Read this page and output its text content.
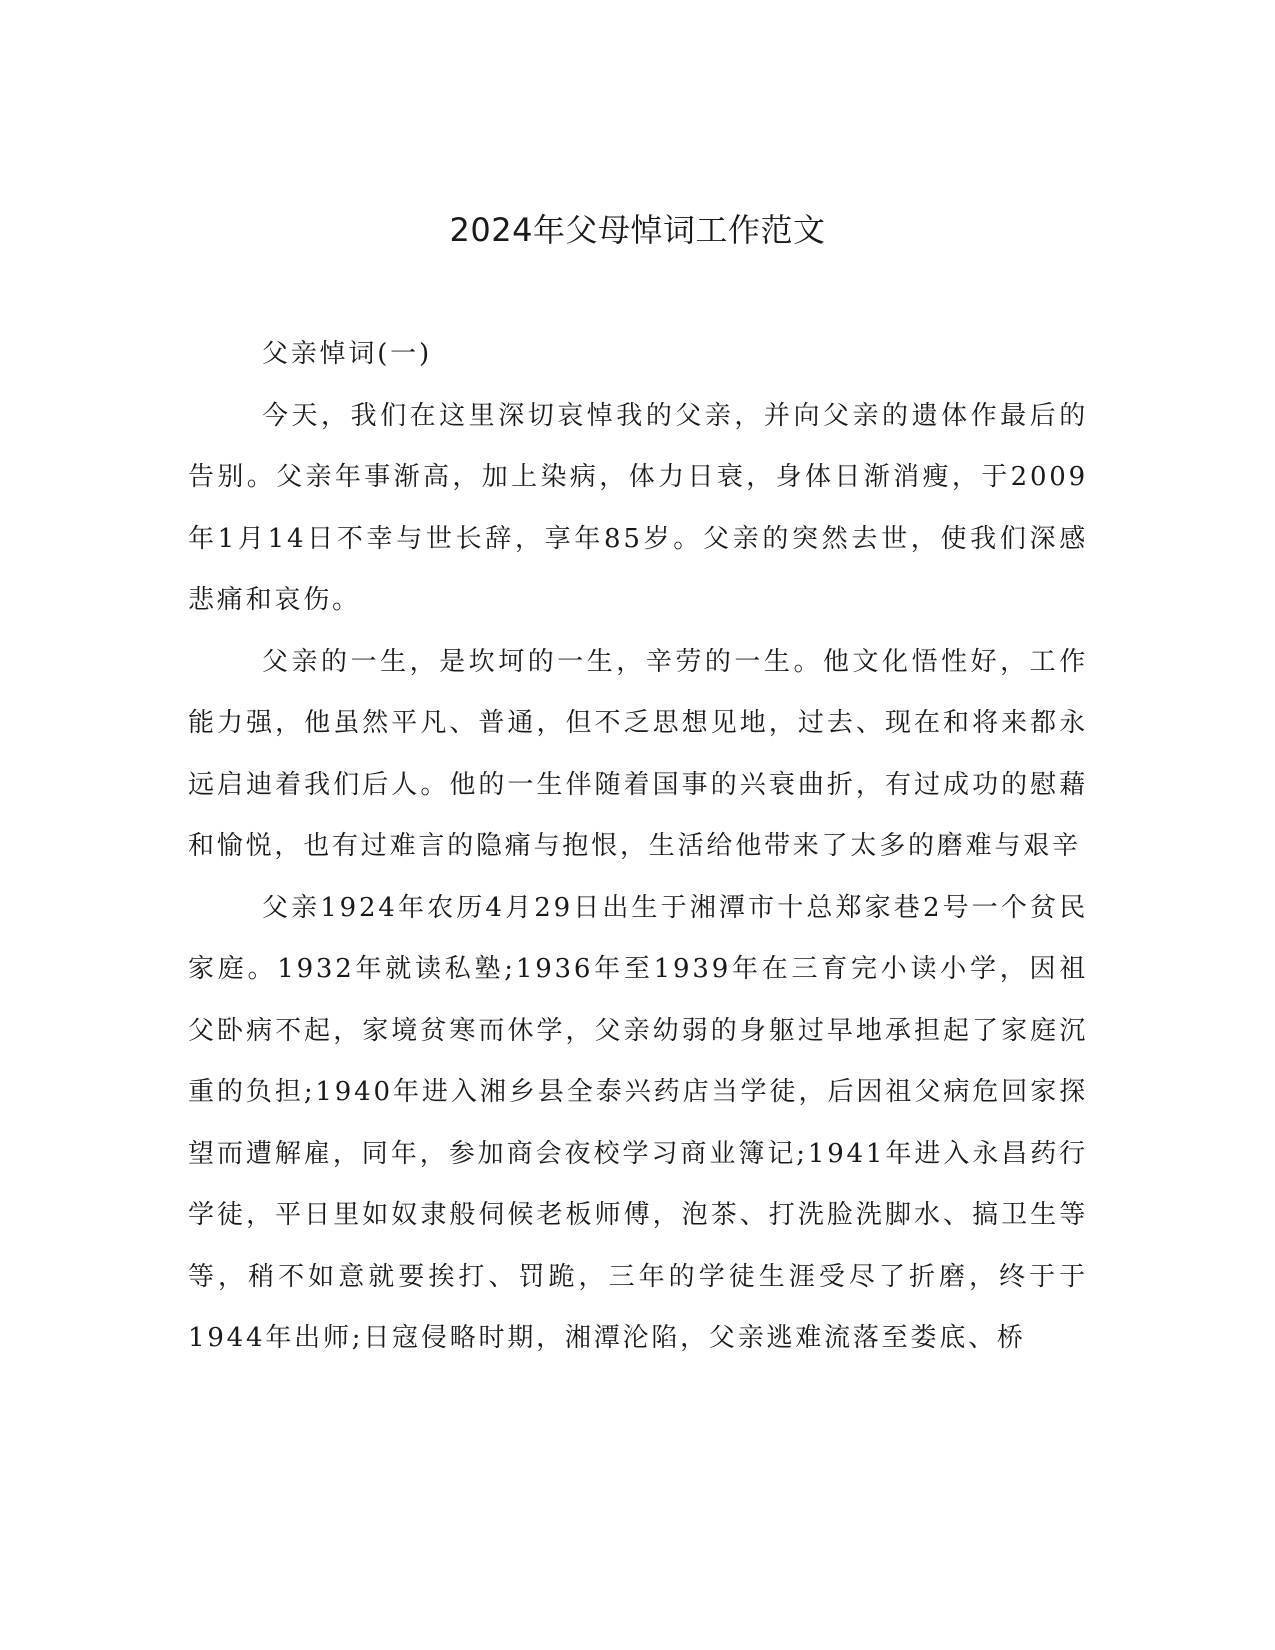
2024年父母悼词工作范文

父亲悼词(一)

今天，我们在这里深切哀悼我的父亲，并向父亲的遗体作最后的告别。父亲年事渐高，加上染病，体力日衰，身体日渐消瘦，于2009年1月14日不幸与世长辞，享年85岁。父亲的突然去世，使我们深感悲痛和哀伤。

父亲的一生，是坎坷的一生，辛劳的一生。他文化悟性好，工作能力强，他虽然平凡、普通，但不乏思想见地，过去、现在和将来都永远启迪着我们后人。他的一生伴随着国事的兴衰曲折，有过成功的慰藉和愉悦，也有过难言的隐痛与抱恨，生活给他带来了太多的磨难与艰辛

父亲1924年农历4月29日出生于湘潭市十总郑家巷2号一个贫民家庭。1932年就读私塾;1936年至1939年在三育完小读小学，因祖父卧病不起，家境贫寒而休学，父亲幼弱的身躯过早地承担起了家庭沉重的负担;1940年进入湘乡县全泰兴药店当学徒，后因祖父病危回家探望而遭解雇，同年，参加商会夜校学习商业簿记;1941年进入永昌药行学徒，平日里如奴隶般伺候老板师傅，泡茶、打洗脸洗脚水、搞卫生等等，稍不如意就要挨打、罚跪，三年的学徒生涯受尽了折磨，终于于1944年出师;日寇侵略时期，湘潭沦陷，父亲逃难流落至娄底、桥
